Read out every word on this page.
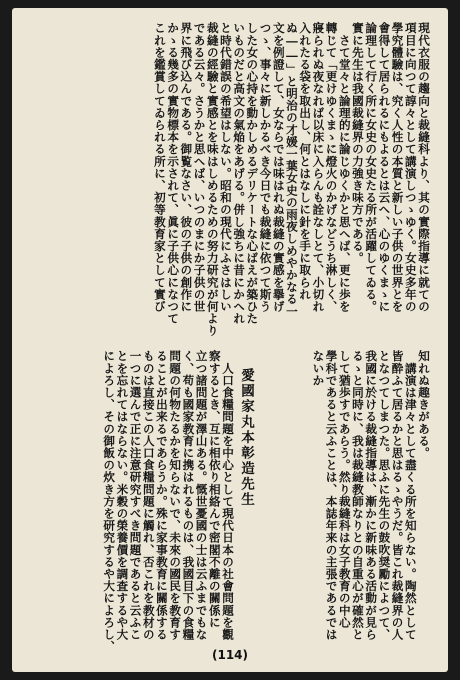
現代衣服の趨向と裁縫科より、其の實際指導に就ての
項目に向つて諄々として講演しつゝゆく。女史多年の
學究體驗は、究く人性の本質と新しい子供の世界とを
會得して居られるにもよるとは云へ、心のゆくまゝに
論理して行く所に女史の女史たる所が活躍してゐる。
實に先生は我國裁縫界の力強き味方である。
　さて堂々と論理的に論じゆくかと思へば、更に歩を
轉じて「更けゆくまゝに燈火のかげなどうち淋しく、
寢られぬ夜なれば以床に入らんも詮なしとて、小切れ
入れたる袋を取出し、何とはなしに針を手に取られ
ぬ――」と明治の才媛一葉女史の雨夜しめやかなる一
文を例證して、女ならでは味はれぬ裁縫の實感を擧げ
つゝ、事々に新しかるべき今日でも裁縫に依つて斯う
した女の心持を動かしめるデリケートな心ばえが築ひた
いものだと高文の氣焔をあげる。併し強ちに昔にかへれ
と時代錯誤の希望はしない。昭和の現代にふさはしい
裁縫の經驗と實感とを味はしめるための努力研究が何より
である云々。さうかと思へば、いつのまにか子供の世
界に飛び込んである。御覧なさい、彼の子供の創作に
かゝる幾多の實物標本を示されて、眞に子供心になつて
これを鑑賞してゐられる所に、初等教育家として實び
知れぬ趣きがある。
　講演は津々として盡くる所を知らない。陶然として
皆酔ふて居るかと思はるゝやうだ。皆これ裁縫界の人
となつてしまつた。思ふに先生の鼓吹奨勵によつて、
我國に於ける裁縫指導は、漸かに新味ある活動が見ら
るゝと同時に、我は裁縫教師なりとの自重心が確然と
して猶歩すであらう。然り裁縫科は女子教育の中心
學科であると云ふことは、本誌年来の主張であるでは
ないか
愛國家丸本彰造先生
　人口食糧問題を中心として現代日本の社會問題を觀
察するとき、互に相依り相絡んで密閣不離の關係に
立つ諸問題が澤山ある。慨世憂國の士は云ふまでもな
く、苟も國家教育に携はれるものは、我國目下の食糧
問題の何物たるかを知らないで、未來の國民を教育す
ることが出来るであらうか。殊に家事教育に關係する
ものは直接この人口食糧問題に觸れ、否これを教材の
一つに選んで正に注意研究すべき問題であると云ふこ
とを忘れてはならない。米穀の榮養價を調査するや大
によろし、その御飯の炊き方を研究するや大によろし、
(114)
